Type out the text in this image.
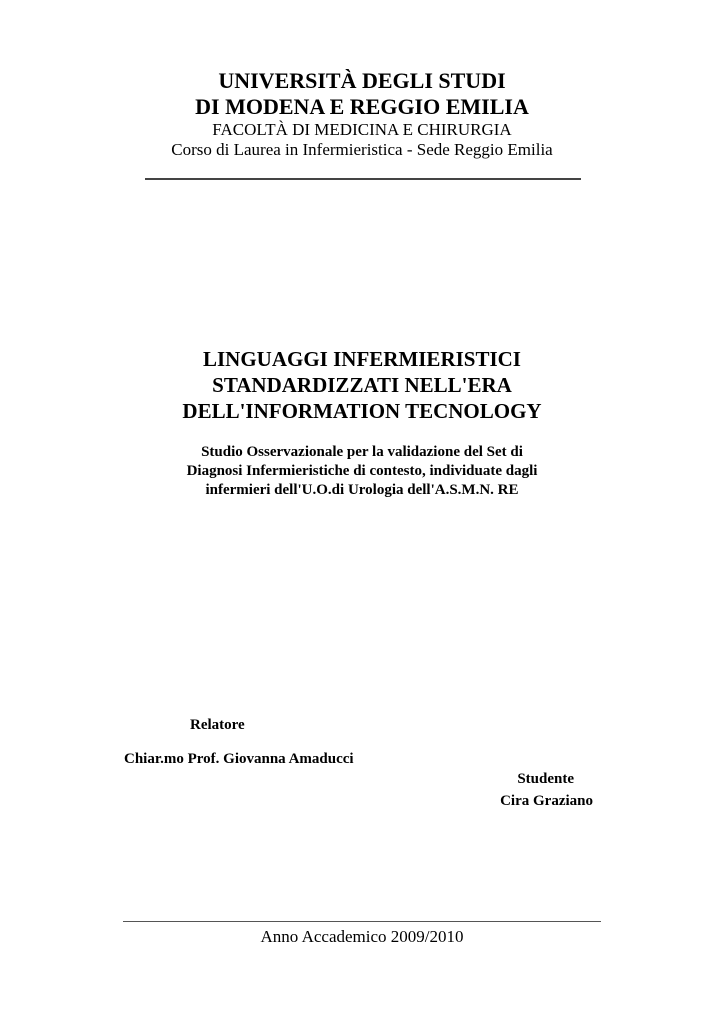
UNIVERSITÀ DEGLI STUDI
DI MODENA E REGGIO EMILIA
FACOLTÀ DI MEDICINA E CHIRURGIA
Corso di Laurea in Infermieristica - Sede Reggio Emilia
LINGUAGGI INFERMIERISTICI
STANDARDIZZATI NELL'ERA
DELL'INFORMATION TECNOLOGY
Studio Osservazionale per la validazione del Set di
Diagnosi Infermieristiche di contesto, individuate dagli
infermieri dell'U.O.di Urologia dell'A.S.M.N. RE
Relatore
Chiar.mo Prof. Giovanna Amaducci
Studente
Cira Graziano
Anno Accademico 2009/2010
